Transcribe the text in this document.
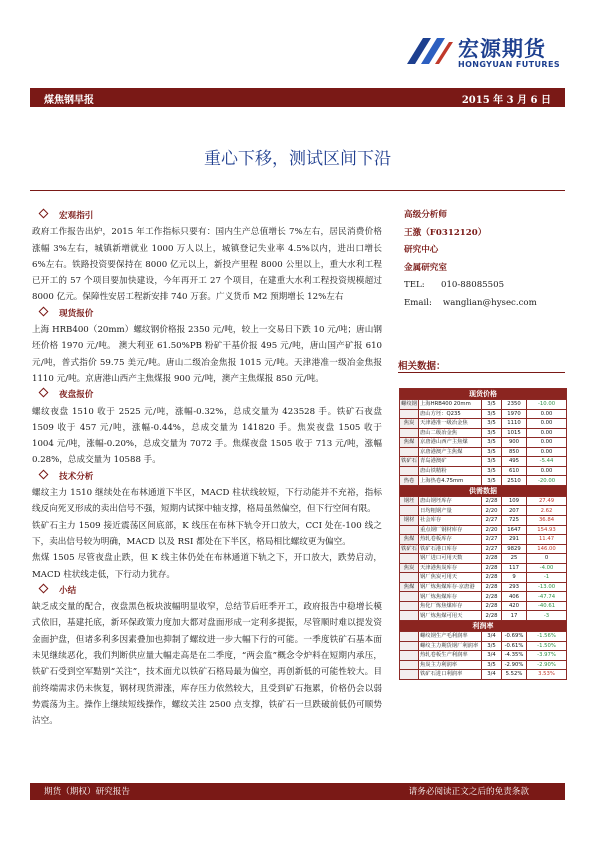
宏源期货
HONGYUAN FUTURES
煤焦钢早报	2015 年 3 月 6 日
重心下移，测试区间下沿
宏观指引
政府工作报告出炉，2015 年工作指标只要有：国内生产总值增长 7%左右，居民消费价格涨幅 3%左右，城镇新增就业 1000 万人以上，城镇登记失业率 4.5%以内，进出口增长 6%左右。铁路投资要保持在 8000 亿元以上，新投产里程 8000 公里以上，重大水利工程已开工的 57 个项目要加快建设，今年再开工 27 个项目，在建重大水利工程投资规模超过 8000 亿元。保障性安居工程新安排 740 万套。广义货币 M2 预期增长 12%左右
现货报价
上海 HRB400（20mm）螺纹钢价格报 2350 元/吨，较上一交易日下跌 10 元/吨；唐山钢坯价格 1970 元/吨。 澳大利亚 61.50%PB 粉矿干基价报 495 元/吨，唐山国产矿报 610 元/吨，普式指价 59.75 美元/吨。唐山二级冶金焦报 1015 元/吨。天津港准一级冶金焦报 1110 元/吨。京唐港山西产主焦煤报 900 元/吨，澳产主焦煤报 850 元/吨。
夜盘报价
螺纹夜盘 1510 收于 2525 元/吨，涨幅-0.32%，总成交量为 423528 手。铁矿石夜盘 1509 收于 457 元/吨，涨幅-0.44%，总成交量为 141820 手。焦炭夜盘 1505 收于 1004 元/吨，涨幅-0.20%，总成交量为 7072 手。焦煤夜盘 1505 收于 713 元/吨，涨幅 0.28%，总成交量为 10588 手。
技术分析
螺纹主力 1510 继续处在布林通道下半区，MACD 柱状线较短，下行动能并不充裕，指标线反向死叉形成的卖出信号不强，短期内试探中轴支撑，格局虽然偏空，但下行空间有限。
铁矿石主力 1509 接近震荡区间底部，K 线压在布林下轨令开口放大，CCI 处在-100 线之下，卖出信号较为明确，MACD 以及 RSI 都处在下半区，格局相比螺纹更为偏空。
焦煤 1505 尽管夜盘止跌，但 K 线主体仍处在布林通道下轨之下，开口放大，跌势启动，MACD 柱状线走低，下行动力犹存。
小结
缺乏成交量的配合，夜盘黑色板块波幅明显收窄，总结节后旺季开工，政府报告中稳增长模式依旧，基建托底，新环保政策力度加大都对盘面形成一定利多提振，尽管顺时难以提发资金面护盘，但诸多利多因素叠加也抑制了螺纹进一步大幅下行的可能。一季度铁矿石基本面未见继续恶化，我们判断供应量大幅走高是在二季度，“两会监”概念令炉料在短期内承压，铁矿石受到空军黠别“关注”，技术面尤以铁矿石格局最为偏空，再创新低的可能性较大。目前终端需求仍未恢复，钢材现货滞涨，库存压力依然较大，且受到矿石拖累，价格仍会以弱势震荡为主。操作上继续短线操作，螺纹关注 2500 点支撑，铁矿石一旦跌破前低仍可顺势沽空。
高级分析师
王激（F0312120）
研究中心
金属研究室
TEL: 010-88085505
Email: wanglian@hysec.com
相关数据：
现货价格				
螺纹钢	上海HRB400 20mm	3/5	2350	-10.00
	唐山方坯：Q235	3/5	1970	0.00
焦炭	天津港准一级冶金焦	3/5	1110	0.00
	唐山二级冶金焦	3/5	1015	0.00
焦煤	京唐港山西产主焦煤	3/5	900	0.00
	京唐港澳产主焦煤	3/5	850	0.00
铁矿石	青岛港澳矿	3/5	495	-5.44
	唐山铁精粉	3/5	610	0.00
热卷	上海热卷4.75mm	3/5	2510	-20.00
供需数据				
钢坯	唐山钢坯库存	2/28	109	27.49
	日均粗钢产量	2/20	207	2.62
钢材	社会库存	2/27	725	36.84
	重点钢厂钢材库存	2/20	1647	154.93
焦煤	热轧卷板库存	2/27	291	11.47
铁矿石	铁矿石港口库存	2/27	9829	146.00
	钢厂进口可用天数	2/28	25	0
焦炭	天津港焦炭库存	2/28	117	-4.00
	钢厂焦炭可用天	2/28	9	-1
焦煤	钢厂炼焦煤库存·京唐港	2/28	293	-13.00
	钢厂炼焦煤库存	2/28	406	-47.74
	焦化厂炼焦煤库存	2/28	420	-40.61
	钢厂炼焦煤可用天	2/28	17	-3
利润率				
	螺纹钢生产毛利润率	3/4	-0.69%	-1.56%
	螺纹主力期货钢厂利润率	3/5	-0.61%	-1.50%
	热轧卷板生产利润率	3/4	-4.35%	-3.97%
	焦炭主力利润率	3/5	-2.90%	-2.90%
	铁矿石进口利润率	3/4	5.52%	3.53%
期货（期权）研究报告	请务必阅读正文之后的免责条款
